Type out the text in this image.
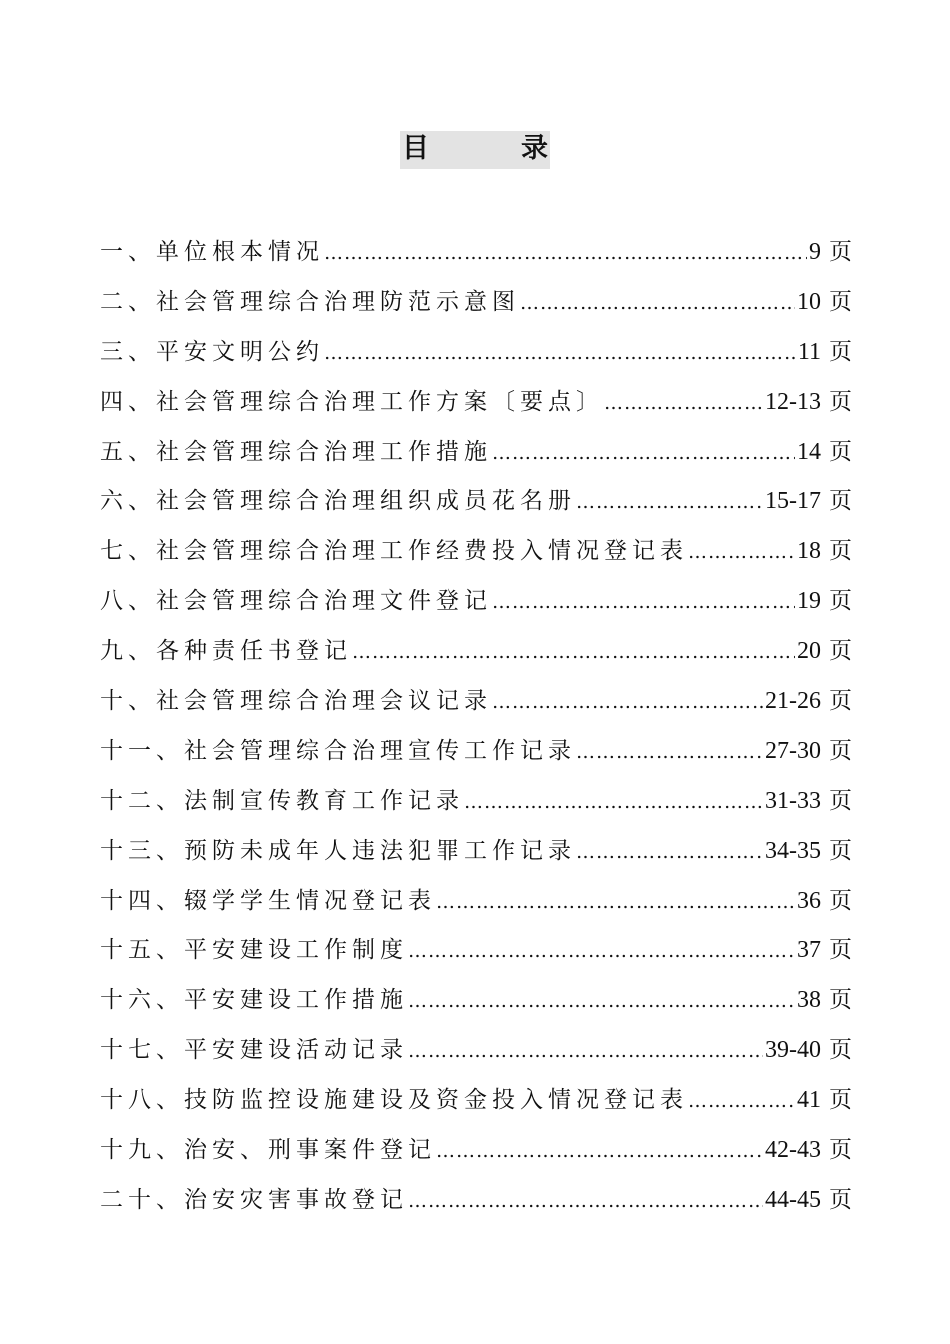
目	录
一、单位根本情况 …………………………………………………………………………………………………	9 页
二、社会管理综合治理防范示意图 …………………………………………………………………………………………………	10 页
三、平安文明公约 …………………………………………………………………………………………………	11 页
四、社会管理综合治理工作方案〔要点〕 …………………………………………………………………………………………………	12-13 页
五、社会管理综合治理工作措施 …………………………………………………………………………………………………	14 页
六、社会管理综合治理组织成员花名册 …………………………………………………………………………………………………	15-17 页
七、社会管理综合治理工作经费投入情况登记表 …………………………………………………………………………………………………	18 页
八、社会管理综合治理文件登记 …………………………………………………………………………………………………	19 页
九、各种责任书登记 …………………………………………………………………………………………………	20 页
十、社会管理综合治理会议记录 …………………………………………………………………………………………………	21-26 页
十一、社会管理综合治理宣传工作记录 …………………………………………………………………………………………………	27-30 页
十二、法制宣传教育工作记录 …………………………………………………………………………………………………	31-33 页
十三、预防未成年人违法犯罪工作记录 …………………………………………………………………………………………………	34-35 页
十四、辍学学生情况登记表 …………………………………………………………………………………………………	36 页
十五、平安建设工作制度 …………………………………………………………………………………………………	37 页
十六、平安建设工作措施 …………………………………………………………………………………………………	38 页
十七、平安建设活动记录 …………………………………………………………………………………………………	39-40 页
十八、技防监控设施建设及资金投入情况登记表 …………………………………………………………………………………………………	41 页
十九、治安、刑事案件登记 …………………………………………………………………………………………………	42-43 页
二十、治安灾害事故登记 …………………………………………………………………………………………………	44-45 页
